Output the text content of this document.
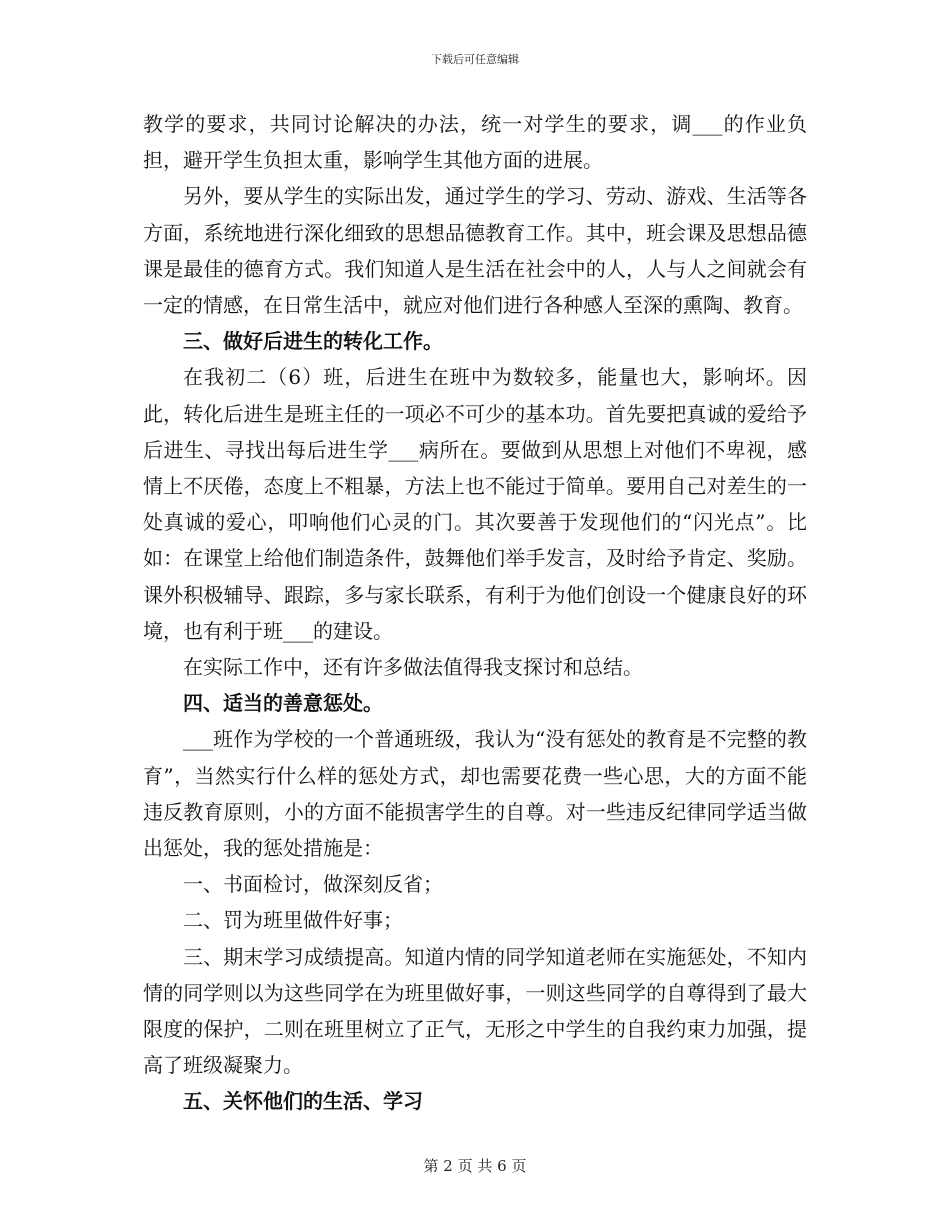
下载后可任意编辑

教学的要求，共同讨论解决的办法，统一对学生的要求，调___的作业负担，避开学生负担太重，影响学生其他方面的进展。

另外，要从学生的实际出发，通过学生的学习、劳动、游戏、生活等各方面，系统地进行深化细致的思想品德教育工作。其中，班会课及思想品德课是最佳的德育方式。我们知道人是生活在社会中的人，人与人之间就会有一定的情感，在日常生活中，就应对他们进行各种感人至深的熏陶、教育。

三、做好后进生的转化工作。

在我初二（6）班，后进生在班中为数较多，能量也大，影响坏。因此，转化后进生是班主任的一项必不可少的基本功。首先要把真诚的爱给予后进生、寻找出每后进生学___病所在。要做到从思想上对他们不卑视，感情上不厌倦，态度上不粗暴，方法上也不能过于简单。要用自己对差生的一处真诚的爱心，叩响他们心灵的门。其次要善于发现他们的“闪光点”。比如：在课堂上给他们制造条件，鼓舞他们举手发言，及时给予肯定、奖励。课外积极辅导、跟踪，多与家长联系，有利于为他们创设一个健康良好的环境，也有利于班___的建设。

在实际工作中，还有许多做法值得我支探讨和总结。

四、适当的善意惩处。

___班作为学校的一个普通班级，我认为“没有惩处的教育是不完整的教育”，当然实行什么样的惩处方式，却也需要花费一些心思，大的方面不能违反教育原则，小的方面不能损害学生的自尊。对一些违反纪律同学适当做出惩处，我的惩处措施是：

一、书面检讨，做深刻反省；

二、罚为班里做件好事；

三、期末学习成绩提高。知道内情的同学知道老师在实施惩处，不知内情的同学则以为这些同学在为班里做好事，一则这些同学的自尊得到了最大限度的保护，二则在班里树立了正气，无形之中学生的自我约束力加强，提高了班级凝聚力。

五、关怀他们的生活、学习

第 2 页 共 6 页
